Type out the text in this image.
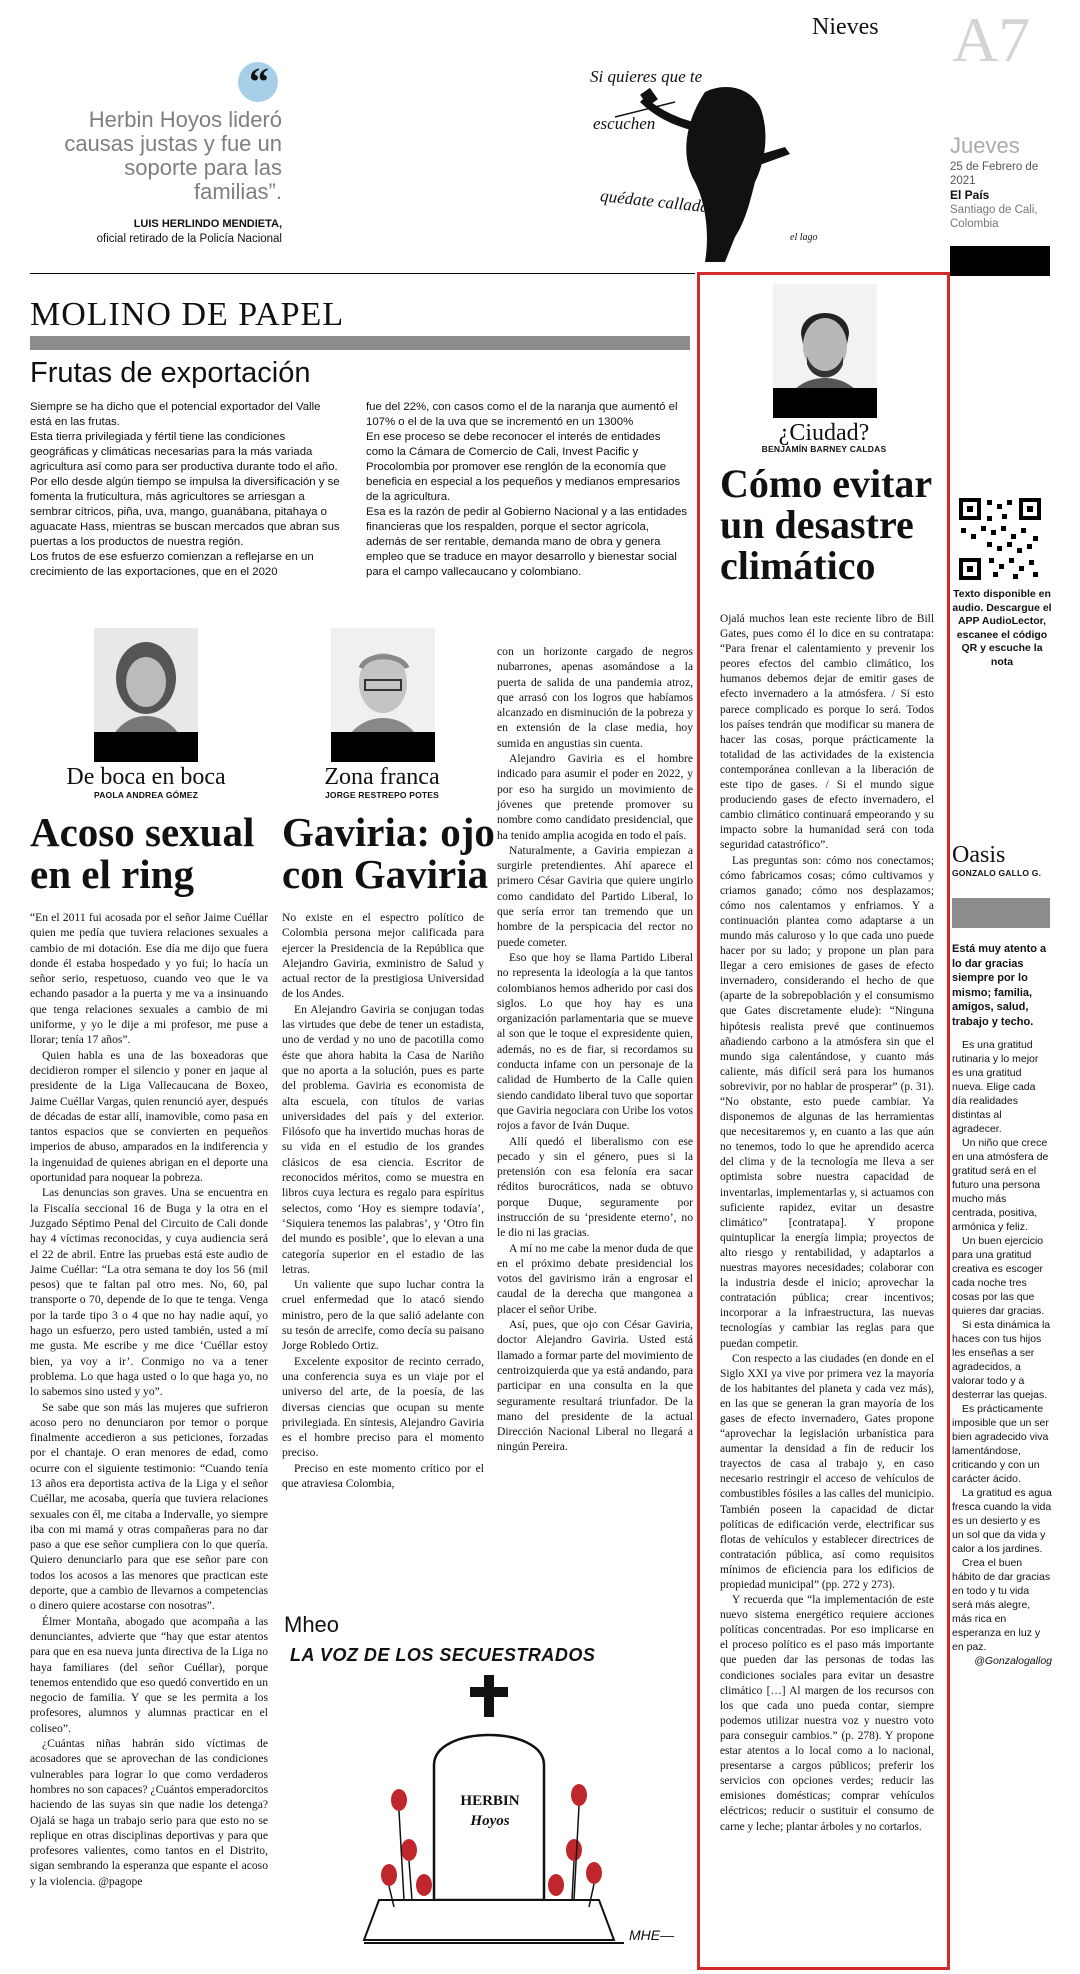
Nieves A7
Jueves
25 de Febrero de 2021
El País
Santiago de Cali, Colombia
“
Herbin Hoyos lideró causas justas y fue un soporte para las familias”.
LUIS HERLINDO MENDIETA,
oficial retirado de la Policía Nacional
Si quieres que te
escuchen
quédate callada.
el lago
MOLINO DE PAPEL
Frutas de exportación

Siempre se ha dicho que el potencial exportador del Valle está en las frutas.

Esta tierra privilegiada y fértil tiene las condiciones geográficas y climáticas necesarias para la más variada agricultura así como para ser productiva durante todo el año.

Por ello desde algún tiempo se impulsa la diversificación y se fomenta la fruticultura, más agricultores se arriesgan a sembrar cítricos, piña, uva, mango, guanábana, pitahaya o aguacate Hass, mientras se buscan mercados que abran sus puertas a los productos de nuestra región.

Los frutos de ese esfuerzo comienzan a reflejarse en un crecimiento de las exportaciones, que en el 2020

fue del 22%, con casos como el de la naranja que aumentó el 107% o el de la uva que se incrementó en un 1300%

En ese proceso se debe reconocer el interés de entidades como la Cámara de Comercio de Cali, Invest Pacific y Procolombia por promover ese renglón de la economía que beneficia en especial a los pequeños y medianos empresarios de la agricultura.

Esa es la razón de pedir al Gobierno Nacional y a las entidades financieras que los respalden, porque el sector agrícola, además de ser rentable, demanda mano de obra y genera empleo que se traduce en mayor desarrollo y bienestar social para el campo vallecaucano y colombiano.

De boca en boca
PAOLA ANDREA GÓMEZ
Acoso sexual en el ring

“En el 2011 fui acosada por el señor Jaime Cuéllar quien me pedía que tuviera relaciones sexuales a cambio de mi dotación. Ese día me dijo que fuera donde él estaba hospedado y yo fui; lo hacía un señor serio, respetuoso, cuando veo que le va echando pasador a la puerta y me va a insinuando que tenga relaciones sexuales a cambio de mi uniforme, y yo le dije a mi profesor, me puse a llorar; tenía 17 años”.

Quien habla es una de las boxeadoras que decidieron romper el silencio y poner en jaque al presidente de la Liga Vallecaucana de Boxeo, Jaime Cuéllar Vargas, quien renunció ayer, después de décadas de estar allí, inamovible, como pasa en tantos espacios que se convierten en pequeños imperios de abuso, amparados en la indiferencia y la ingenuidad de quienes abrigan en el deporte una oportunidad para noquear la pobreza.

Las denuncias son graves. Una se encuentra en la Fiscalía seccional 16 de Buga y la otra en el Juzgado Séptimo Penal del Circuito de Cali donde hay 4 víctimas reconocidas, y cuya audiencia será el 22 de abril. Entre las pruebas está este audio de Jaime Cuéllar: “La otra semana te doy los 56 (mil pesos) que te faltan pal otro mes. No, 60, pal transporte o 70, depende de lo que te tenga. Venga por la tarde tipo 3 o 4 que no hay nadie aquí, yo hago un esfuerzo, pero usted también, usted a mí me gusta. Me escribe y me dice ‘Cuéllar estoy bien, ya voy a ir’. Conmigo no va a tener problema. Lo que haga usted o lo que haga yo, no lo sabemos sino usted y yo”.

Se sabe que son más las mujeres que sufrieron acoso pero no denunciaron por temor o porque finalmente accedieron a sus peticiones, forzadas por el chantaje. O eran menores de edad, como ocurre con el siguiente testimonio: “Cuando tenía 13 años era deportista activa de la Liga y el señor Cuéllar, me acosaba, quería que tuviera relaciones sexuales con él, me citaba a Indervalle, yo siempre iba con mi mamá y otras compañeras para no dar paso a que ese señor cumpliera con lo que quería. Quiero denunciarlo para que ese señor pare con todos los acosos a las menores que practican este deporte, que a cambio de llevarnos a competencias o dinero quiere acostarse con nosotras”.

Élmer Montaña, abogado que acompaña a las denunciantes, advierte que “hay que estar atentos para que en esa nueva junta directiva de la Liga no haya familiares (del señor Cuéllar), porque tenemos entendido que eso quedó convertido en un negocio de familia. Y que se les permita a los profesores, alumnos y alumnas practicar en el coliseo”.

¿Cuántas niñas habrán sido víctimas de acosadores que se aprovechan de las condiciones vulnerables para lograr lo que como verdaderos hombres no son capaces? ¿Cuántos emperadorcitos haciendo de las suyas sin que nadie los detenga? Ojalá se haga un trabajo serio para que esto no se replique en otras disciplinas deportivas y para que profesores valientes, como tantos en el Distrito, sigan sembrando la esperanza que espante el acoso y la violencia. @pagope

Zona franca
JORGE RESTREPO POTES
Gaviria: ojo con Gaviria

No existe en el espectro político de Colombia persona mejor calificada para ejercer la Presidencia de la República que Alejandro Gaviria, exministro de Salud y actual rector de la prestigiosa Universidad de los Andes.

En Alejandro Gaviria se conjugan todas las virtudes que debe de tener un estadista, uno de verdad y no uno de pacotilla como éste que ahora habita la Casa de Nariño que no aporta a la solución, pues es parte del problema. Gaviria es economista de alta escuela, con títulos de varias universidades del país y del exterior. Filósofo que ha invertido muchas horas de su vida en el estudio de los grandes clásicos de esa ciencia. Escritor de reconocidos méritos, como se muestra en libros cuya lectura es regalo para espíritus selectos, como ‘Hoy es siempre todavía’, ‘Siquiera tenemos las palabras’, y ‘Otro fin del mundo es posible’, que lo elevan a una categoría superior en el estadio de las letras.

Un valiente que supo luchar contra la cruel enfermedad que lo atacó siendo ministro, pero de la que salió adelante con su tesón de arrecife, como decía su paisano Jorge Robledo Ortiz.

Excelente expositor de recinto cerrado, una conferencia suya es un viaje por el universo del arte, de la poesía, de las diversas ciencias que ocupan su mente privilegiada. En síntesis, Alejandro Gaviria es el hombre preciso para el momento preciso.

Preciso en este momento crítico por el que atraviesa Colombia,

con un horizonte cargado de negros nubarrones, apenas asomándose a la puerta de salida de una pandemia atroz, que arrasó con los logros que habíamos alcanzado en disminución de la pobreza y en extensión de la clase media, hoy sumida en angustias sin cuenta.

Alejandro Gaviria es el hombre indicado para asumir el poder en 2022, y por eso ha surgido un movimiento de jóvenes que pretende promover su nombre como candidato presidencial, que ha tenido amplia acogida en todo el país.

Naturalmente, a Gaviria empiezan a surgirle pretendientes. Ahí aparece el primero César Gaviria que quiere ungirlo como candidato del Partido Liberal, lo que sería error tan tremendo que un hombre de la perspicacia del rector no puede cometer.

Eso que hoy se llama Partido Liberal no representa la ideología a la que tantos colombianos hemos adherido por casi dos siglos. Lo que hoy hay es una organización parlamentaria que se mueve al son que le toque el expresidente quien, además, no es de fiar, si recordamos su conducta infame con un personaje de la calidad de Humberto de la Calle quien siendo candidato liberal tuvo que soportar que Gaviria negociara con Uribe los votos rojos a favor de Iván Duque.

Allí quedó el liberalismo con ese pecado y sin el género, pues si la pretensión con esa felonía era sacar réditos burocráticos, nada se obtuvo porque Duque, seguramente por instrucción de su ‘presidente eterno’, no le dio ni las gracias.

A mí no me cabe la menor duda de que en el próximo debate presidencial los votos del gavirismo irán a engrosar el caudal de la derecha que mangonea a placer el señor Uribe.

Así, pues, que ojo con César Gaviria, doctor Alejandro Gaviria. Usted está llamado a formar parte del movimiento de centroizquierda que ya está andando, para participar en una consulta en la que seguramente resultará triunfador. De la mano del presidente de la actual Dirección Nacional Liberal no llegará a ningún Pereira.

Mheo
LA VOZ DE LOS SECUESTRADOS
HERBIN
Hoyos
MHE—
¿Ciudad?
BENJAMÍN BARNEY CALDAS
Cómo evitar un desastre climático

Ojalá muchos lean este reciente libro de Bill Gates, pues como él lo dice en su contratapa: “Para frenar el calentamiento y prevenir los peores efectos del cambio climático, los humanos debemos dejar de emitir gases de efecto invernadero a la atmósfera. / Si esto parece complicado es porque lo será. Todos los países tendrán que modificar su manera de hacer las cosas, porque prácticamente la totalidad de las actividades de la existencia contemporánea conllevan a la liberación de este tipo de gases. / Si el mundo sigue produciendo gases de efecto invernadero, el cambio climático continuará empeorando y su impacto sobre la humanidad será con toda seguridad catastrófico”.

Las preguntas son: cómo nos conectamos; cómo fabricamos cosas; cómo cultivamos y criamos ganado; cómo nos desplazamos; cómo nos calentamos y enfriamos. Y a continuación plantea como adaptarse a un mundo más caluroso y lo que cada uno puede hacer por su lado; y propone un plan para llegar a cero emisiones de gases de efecto invernadero, considerando el hecho de que (aparte de la sobrepoblación y el consumismo que Gates discretamente elude): “Ninguna hipótesis realista prevé que continuemos añadiendo carbono a la atmósfera sin que el mundo siga calentándose, y cuanto más caliente, más difícil será para los humanos sobrevivir, por no hablar de prosperar” (p. 31). “No obstante, esto puede cambiar. Ya disponemos de algunas de las herramientas que necesitaremos y, en cuanto a las que aún no tenemos, todo lo que he aprendido acerca del clima y de la tecnología me lleva a ser optimista sobre nuestra capacidad de inventarlas, implementarlas y, si actuamos con suficiente rapidez, evitar un desastre climático” [contratapa]. Y propone quintuplicar la energía limpia; proyectos de alto riesgo y rentabilidad, y adaptarlos a nuestras mayores necesidades; colaborar con la industria desde el inicio; aprovechar la contratación pública; crear incentivos; incorporar a la infraestructura, las nuevas tecnologías y cambiar las reglas para que puedan competir.

Con respecto a las ciudades (en donde en el Siglo XXI ya vive por primera vez la mayoría de los habitantes del planeta y cada vez más), en las que se generan la gran mayoría de los gases de efecto invernadero, Gates propone “aprovechar la legislación urbanística para aumentar la densidad a fin de reducir los trayectos de casa al trabajo y, en caso necesario restringir el acceso de vehículos de combustibles fósiles a las calles del municipio. También poseen la capacidad de dictar políticas de edificación verde, electrificar sus flotas de vehículos y establecer directrices de contratación pública, así como requisitos mínimos de eficiencia para los edificios de propiedad municipal” (pp. 272 y 273).

Y recuerda que “la implementación de este nuevo sistema energético requiere acciones políticas concentradas. Por eso implicarse en el proceso político es el paso más importante que pueden dar las personas de todas las condiciones sociales para evitar un desastre climático […] Al margen de los recursos con los que cada uno pueda contar, siempre podemos utilizar nuestra voz y nuestro voto para conseguir cambios.” (p. 278). Y propone estar atentos a lo local como a lo nacional, presentarse a cargos públicos; preferir los servicios con opciones verdes; reducir las emisiones domésticas; comprar vehículos eléctricos; reducir o sustituir el consumo de carne y leche; plantar árboles y no cortarlos.

Texto disponible en audio. Descargue el APP AudioLector, escanee el código QR y escuche la nota
Oasis
GONZALO GALLO G.
Está muy atento a lo dar gracias siempre por lo mismo; familia, amigos, salud, trabajo y techo.

Es una gratitud rutinaria y lo mejor es una gratitud nueva. Elige cada día realidades distintas al agradecer.

Un niño que crece en una atmósfera de gratitud será en el futuro una persona mucho más centrada, positiva, armónica y feliz.

Un buen ejercicio para una gratitud creativa es escoger cada noche tres cosas por las que quieres dar gracias.

Si esta dinámica la haces con tus hijos les enseñas a ser agradecidos, a valorar todo y a desterrar las quejas.

Es prácticamente imposible que un ser bien agradecido viva lamentándose, criticando y con un carácter ácido.

La gratitud es agua fresca cuando la vida es un desierto y es un sol que da vida y calor a los jardines.

Crea el buen hábito de dar gracias en todo y tu vida será más alegre, más rica en esperanza en luz y en paz.

@Gonzalogallog
